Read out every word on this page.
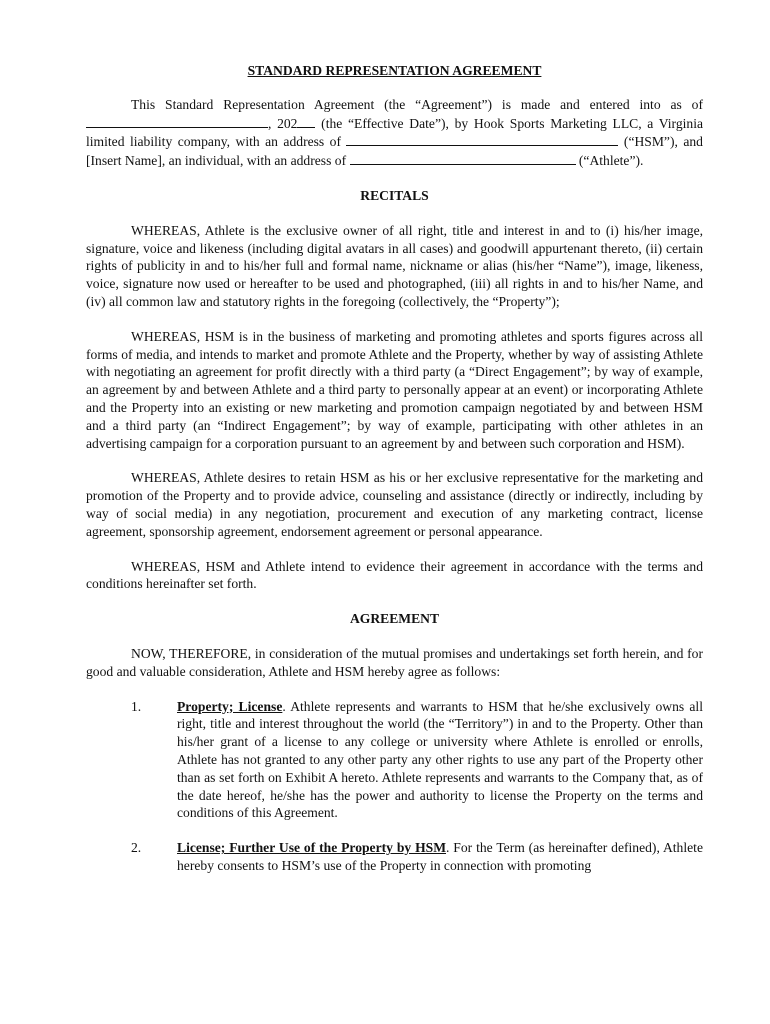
STANDARD REPRESENTATION AGREEMENT

This Standard Representation Agreement (the “Agreement”) is made and entered into as of , 202 (the “Effective Date”), by Hook Sports Marketing LLC, a Virginia limited liability company, with an address of	(“HSM”), and [Insert Name], an individual, with an address of	(“Athlete”).

RECITALS

WHEREAS, Athlete is the exclusive owner of all right, title and interest in and to (i) his/her image, signature, voice and likeness (including digital avatars in all cases) and goodwill appurtenant thereto, (ii) certain rights of publicity in and to his/her full and formal name, nickname or alias (his/her “Name”), image, likeness, voice, signature now used or hereafter to be used and photographed, (iii) all rights in and to his/her Name, and (iv) all common law and statutory rights in the foregoing (collectively, the “Property”);

WHEREAS, HSM is in the business of marketing and promoting athletes and sports figures across all forms of media, and intends to market and promote Athlete and the Property, whether by way of assisting Athlete with negotiating an agreement for profit directly with a third party (a “Direct Engagement”; by way of example, an agreement by and between Athlete and a third party to personally appear at an event) or incorporating Athlete and the Property into an existing or new marketing and promotion campaign negotiated by and between HSM and a third party (an “Indirect Engagement”; by way of example, participating with other athletes in an advertising campaign for a corporation pursuant to an agreement by and between such corporation and HSM).

WHEREAS, Athlete desires to retain HSM as his or her exclusive representative for the marketing and promotion of the Property and to provide advice, counseling and assistance (directly or indirectly, including by way of social media) in any negotiation, procurement and execution of any marketing contract, license agreement, sponsorship agreement, endorsement agreement or personal appearance.

WHEREAS, HSM and Athlete intend to evidence their agreement in accordance with the terms and conditions hereinafter set forth.

AGREEMENT

NOW, THEREFORE, in consideration of the mutual promises and undertakings set forth herein, and for good and valuable consideration, Athlete and HSM hereby agree as follows:

1.	Property; License. Athlete represents and warrants to HSM that he/she exclusively owns all right, title and interest throughout the world (the “Territory”) in and to the Property. Other than his/her grant of a license to any college or university where Athlete is enrolled or enrolls, Athlete has not granted to any other party any other rights to use any part of the Property other than as set forth on Exhibit A hereto. Athlete represents and warrants to the Company that, as of the date hereof, he/she has the power and authority to license the Property on the terms and conditions of this Agreement.
2.	License; Further Use of the Property by HSM. For the Term (as hereinafter defined), Athlete hereby consents to HSM’s use of the Property in connection with promoting
